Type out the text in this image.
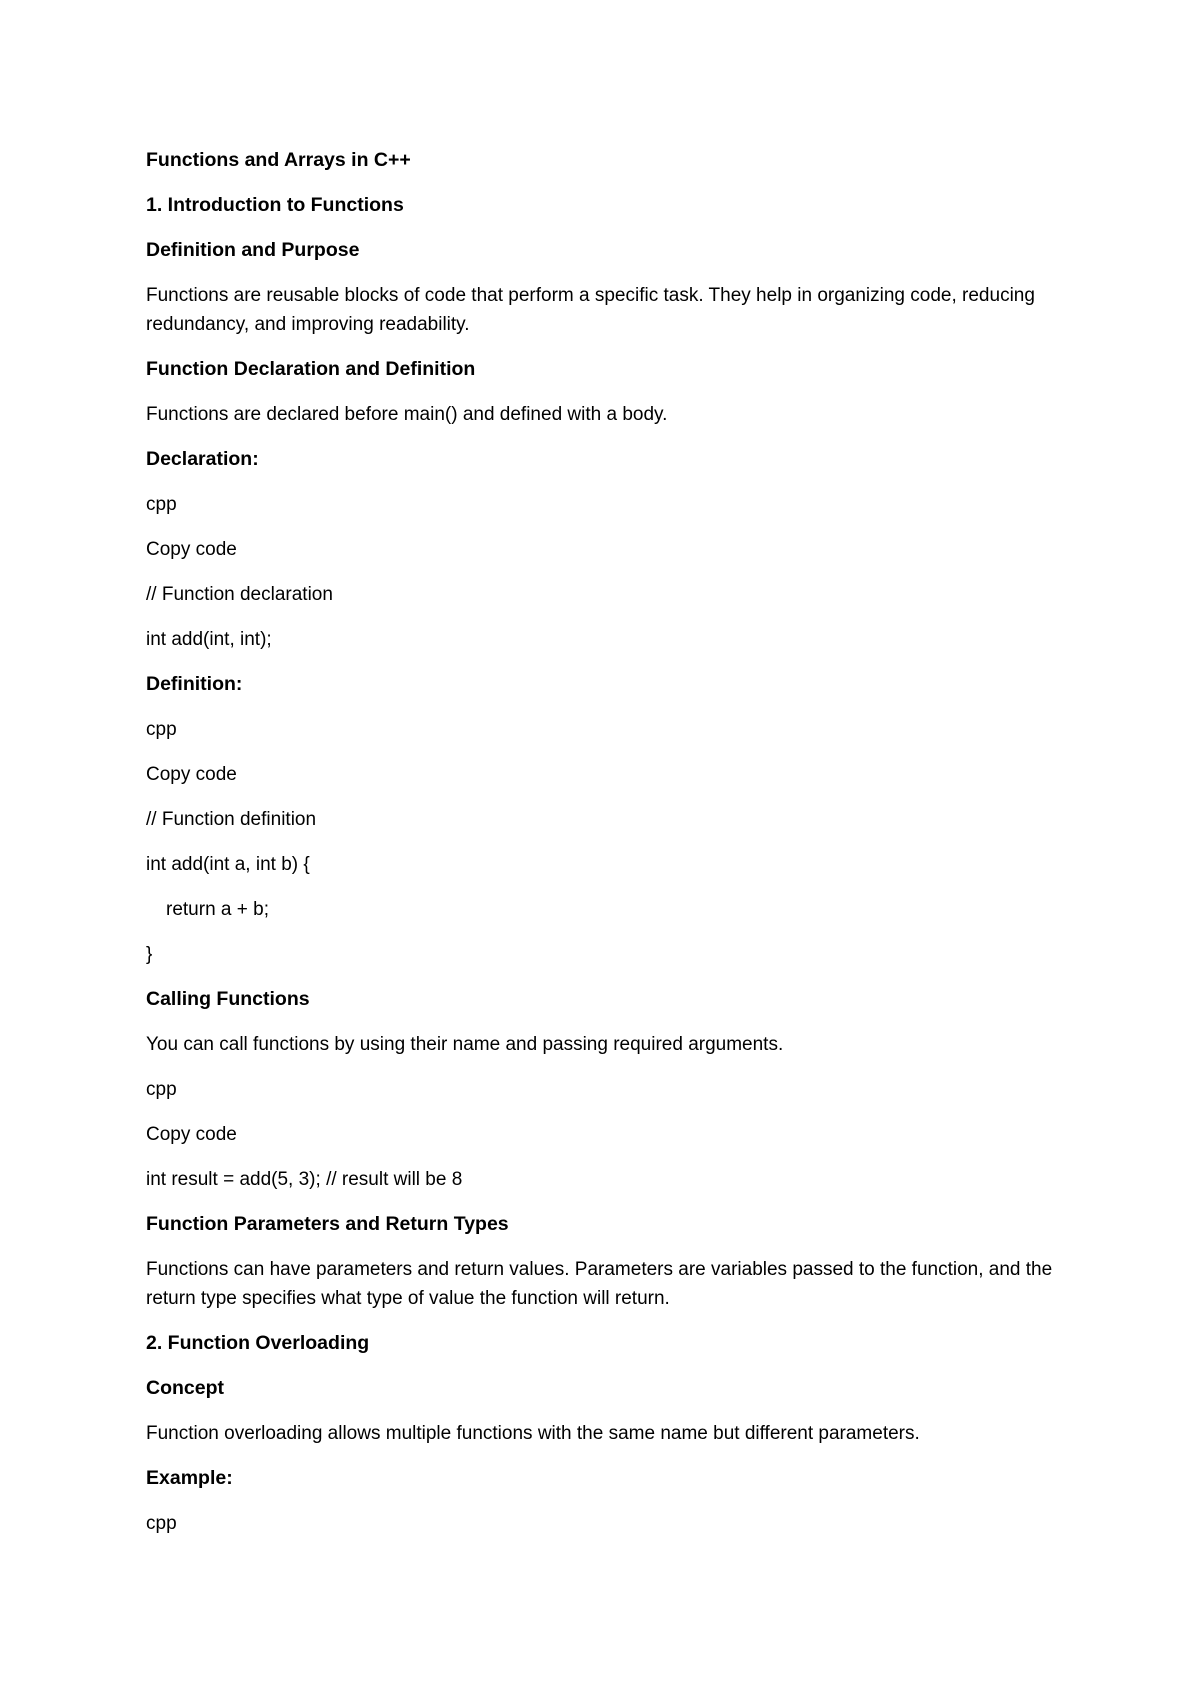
Functions and Arrays in C++

1. Introduction to Functions

Definition and Purpose

Functions are reusable blocks of code that perform a specific task. They help in organizing code, reducing redundancy, and improving readability.

Function Declaration and Definition

Functions are declared before main() and defined with a body.

Declaration:

cpp

Copy code

// Function declaration

int add(int, int);

Definition:

cpp

Copy code

// Function definition

int add(int a, int b) {

return a + b;

}

Calling Functions

You can call functions by using their name and passing required arguments.

cpp

Copy code

int result = add(5, 3); // result will be 8

Function Parameters and Return Types

Functions can have parameters and return values. Parameters are variables passed to the function, and the return type specifies what type of value the function will return.

2. Function Overloading

Concept

Function overloading allows multiple functions with the same name but different parameters.

Example:

cpp
